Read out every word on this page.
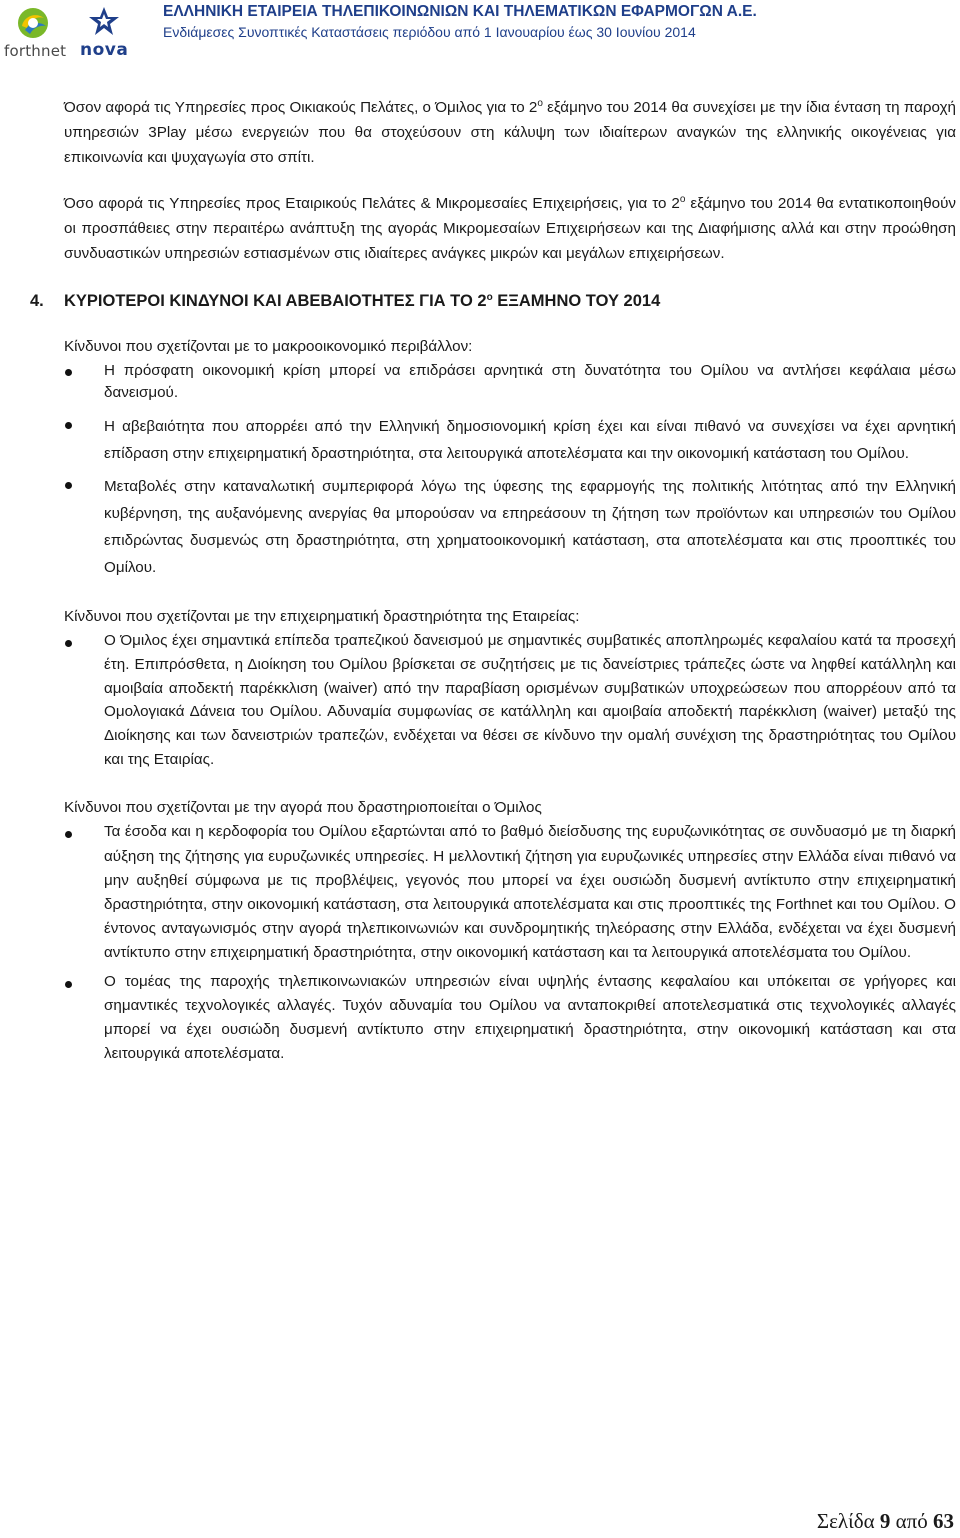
forthnet nova
ΕΛΛΗΝΙΚΗ ΕΤΑΙΡΕΙΑ ΤΗΛΕΠΙΚΟΙΝΩΝΙΩΝ ΚΑΙ ΤΗΛΕΜΑΤΙΚΩΝ ΕΦΑΡΜΟΓΩΝ Α.Ε.
Ενδιάμεσες Συνοπτικές Καταστάσεις περιόδου από 1 Ιανουαρίου έως 30 Ιουνίου 2014

Όσον αφορά τις Υπηρεσίες προς Οικιακούς Πελάτες, ο Όμιλος για το $2^o$ εξάμηνο του 2014 θα συνεχίσει με την ίδια ένταση τη παροχή υπηρεσιών 3Play μέσω ενεργειών που θα στοχεύσουν στη κάλυψη των ιδιαίτερων αναγκών της ελληνικής οικογένειας για επικοινωνία και ψυχαγωγία στο σπίτι.

Όσο αφορά τις Υπηρεσίες προς Εταιρικούς Πελάτες & Μικρομεσαίες Επιχειρήσεις, για το $2^o$ εξάμηνο του 2014 θα εντατικοποιηθούν οι προσπάθειες στην περαιτέρω ανάπτυξη της αγοράς Μικρομεσαίων Επιχειρήσεων και της Διαφήμισης αλλά και στην προώθηση συνδυαστικών υπηρεσιών εστιασμένων στις ιδιαίτερες ανάγκες μικρών και μεγάλων επιχειρήσεων.

4. ΚΥΡΙΟΤΕΡΟΙ ΚΙΝΔΥΝΟΙ ΚΑΙ ΑΒΕΒΑΙΟΤΗΤΕΣ ΓΙΑ ΤΟ $2^o$ ΕΞΑΜΗΝΟ ΤΟΥ 2014

Κίνδυνοι που σχετίζονται με το μακροοικονομικό περιβάλλον:

Η πρόσφατη οικονομική κρίση μπορεί να επιδράσει αρνητικά στη δυνατότητα του Ομίλου να αντλήσει κεφάλαια μέσω δανεισμού.

Η αβεβαιότητα που απορρέει από την Ελληνική δημοσιονομική κρίση έχει και είναι πιθανό να συνεχίσει να έχει αρνητική επίδραση στην επιχειρηματική δραστηριότητα, στα λειτουργικά αποτελέσματα και την οικονομική κατάσταση του Ομίλου.

Μεταβολές στην καταναλωτική συμπεριφορά λόγω της ύφεσης της εφαρμογής της πολιτικής λιτότητας από την Ελληνική κυβέρνηση, της αυξανόμενης ανεργίας θα μπορούσαν να επηρεάσουν τη ζήτηση των προϊόντων και υπηρεσιών του Ομίλου επιδρώντας δυσμενώς στη δραστηριότητα, στη χρηματοοικονομική κατάσταση, στα αποτελέσματα και στις προοπτικές του Ομίλου.

Κίνδυνοι που σχετίζονται με την επιχειρηματική δραστηριότητα της Εταιρείας:

Ο Όμιλος έχει σημαντικά επίπεδα τραπεζικού δανεισμού με σημαντικές συμβατικές αποπληρωμές κεφαλαίου κατά τα προσεχή έτη. Επιπρόσθετα, η Διοίκηση του Ομίλου βρίσκεται σε συζητήσεις με τις δανείστριες τράπεζες ώστε να ληφθεί κατάλληλη και αμοιβαία αποδεκτή παρέκκλιση (waiver) από την παραβίαση ορισμένων συμβατικών υποχρεώσεων που απορρέουν από τα Ομολογιακά Δάνεια του Ομίλου. Αδυναμία συμφωνίας σε κατάλληλη και αμοιβαία αποδεκτή παρέκκλιση (waiver) μεταξύ της Διοίκησης και των δανειστριών τραπεζών, ενδέχεται να θέσει σε κίνδυνο την ομαλή συνέχιση της δραστηριότητας του Ομίλου και της Εταιρίας.

Κίνδυνοι που σχετίζονται με την αγορά που δραστηριοποιείται ο Όμιλος

Τα έσοδα και η κερδοφορία του Ομίλου εξαρτώνται από το βαθμό διείσδυσης της ευρυζωνικότητας σε συνδυασμό με τη διαρκή αύξηση της ζήτησης για ευρυζωνικές υπηρεσίες. Η μελλοντική ζήτηση για ευρυζωνικές υπηρεσίες στην Ελλάδα είναι πιθανό να μην αυξηθεί σύμφωνα με τις προβλέψεις, γεγονός που μπορεί να έχει ουσιώδη δυσμενή αντίκτυπο στην επιχειρηματική δραστηριότητα, στην οικονομική κατάσταση, στα λειτουργικά αποτελέσματα και στις προοπτικές της Forthnet και του Ομίλου. Ο έντονος ανταγωνισμός στην αγορά τηλεπικοινωνιών και συνδρομητικής τηλεόρασης στην Ελλάδα, ενδέχεται να έχει δυσμενή αντίκτυπο στην επιχειρηματική δραστηριότητα, στην οικονομική κατάσταση και τα λειτουργικά αποτελέσματα του Ομίλου.

Ο τομέας της παροχής τηλεπικοινωνιακών υπηρεσιών είναι υψηλής έντασης κεφαλαίου και υπόκειται σε γρήγορες και σημαντικές τεχνολογικές αλλαγές. Τυχόν αδυναμία του Ομίλου να ανταποκριθεί αποτελεσματικά στις τεχνολογικές αλλαγές μπορεί να έχει ουσιώδη δυσμενή αντίκτυπο στην επιχειρηματική δραστηριότητα, στην οικονομική κατάσταση και στα λειτουργικά αποτελέσματα.

Σελίδα 9 από 63
